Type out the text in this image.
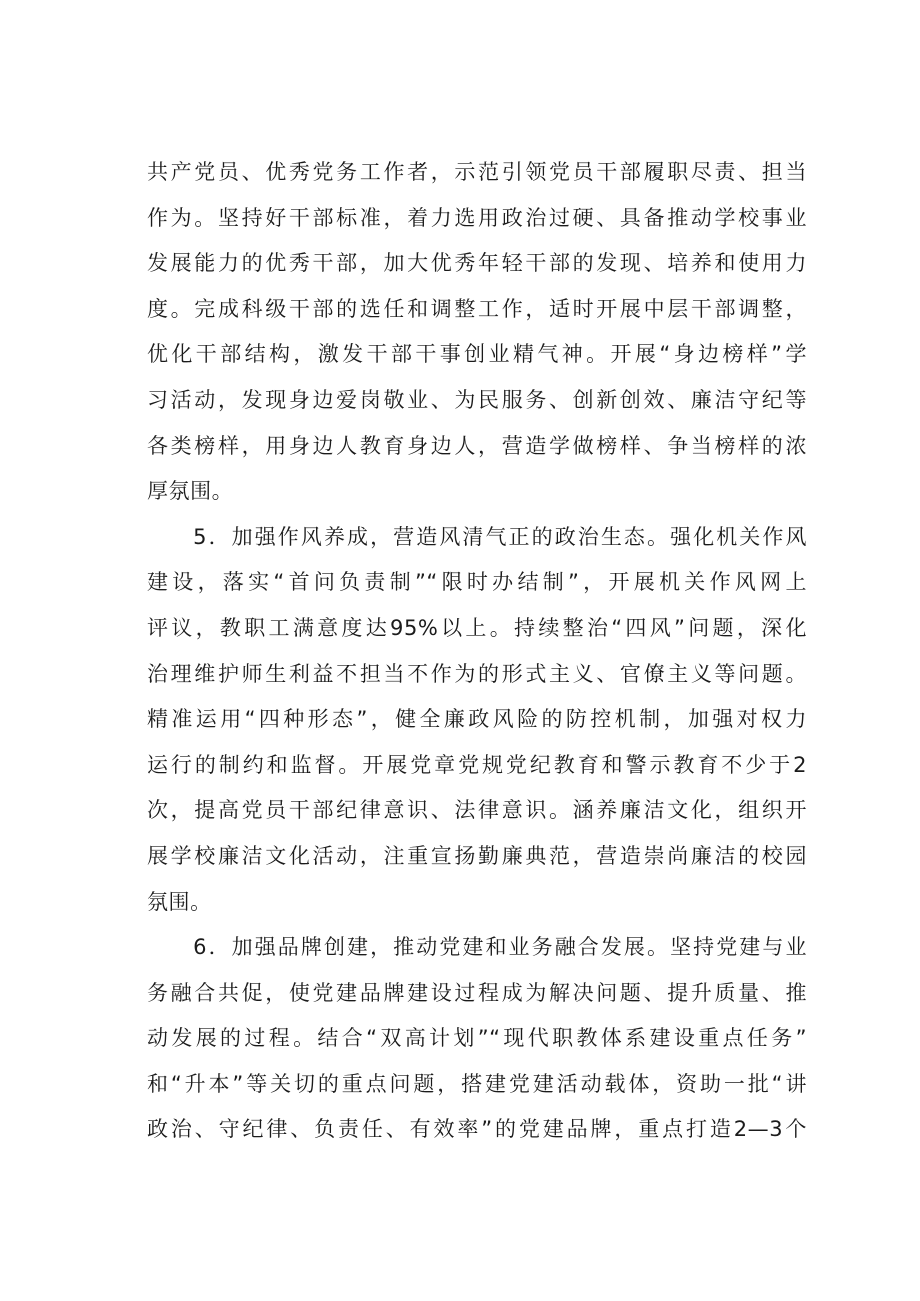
共产党员、优秀党务工作者，示范引领党员干部履职尽责、担当
作为。坚持好干部标准，着力选用政治过硬、具备推动学校事业
发展能力的优秀干部，加大优秀年轻干部的发现、培养和使用力
度。完成科级干部的选任和调整工作，适时开展中层干部调整，
优化干部结构，激发干部干事创业精气神。开展“身边榜样”学
习活动，发现身边爱岗敬业、为民服务、创新创效、廉洁守纪等
各类榜样，用身边人教育身边人，营造学做榜样、争当榜样的浓
厚氛围。
　　5．加强作风养成，营造风清气正的政治生态。强化机关作风
建设，落实“首问负责制”“限时办结制”，开展机关作风网上
评议，教职工满意度达95%以上。持续整治“四风”问题，深化
治理维护师生利益不担当不作为的形式主义、官僚主义等问题。
精准运用“四种形态”，健全廉政风险的防控机制，加强对权力
运行的制约和监督。开展党章党规党纪教育和警示教育不少于2
次，提高党员干部纪律意识、法律意识。涵养廉洁文化，组织开
展学校廉洁文化活动，注重宣扬勤廉典范，营造崇尚廉洁的校园
氛围。
　　6．加强品牌创建，推动党建和业务融合发展。坚持党建与业
务融合共促，使党建品牌建设过程成为解决问题、提升质量、推
动发展的过程。结合“双高计划”“现代职教体系建设重点任务”
和“升本”等关切的重点问题，搭建党建活动载体，资助一批“讲
政治、守纪律、负责任、有效率”的党建品牌，重点打造2—3个
